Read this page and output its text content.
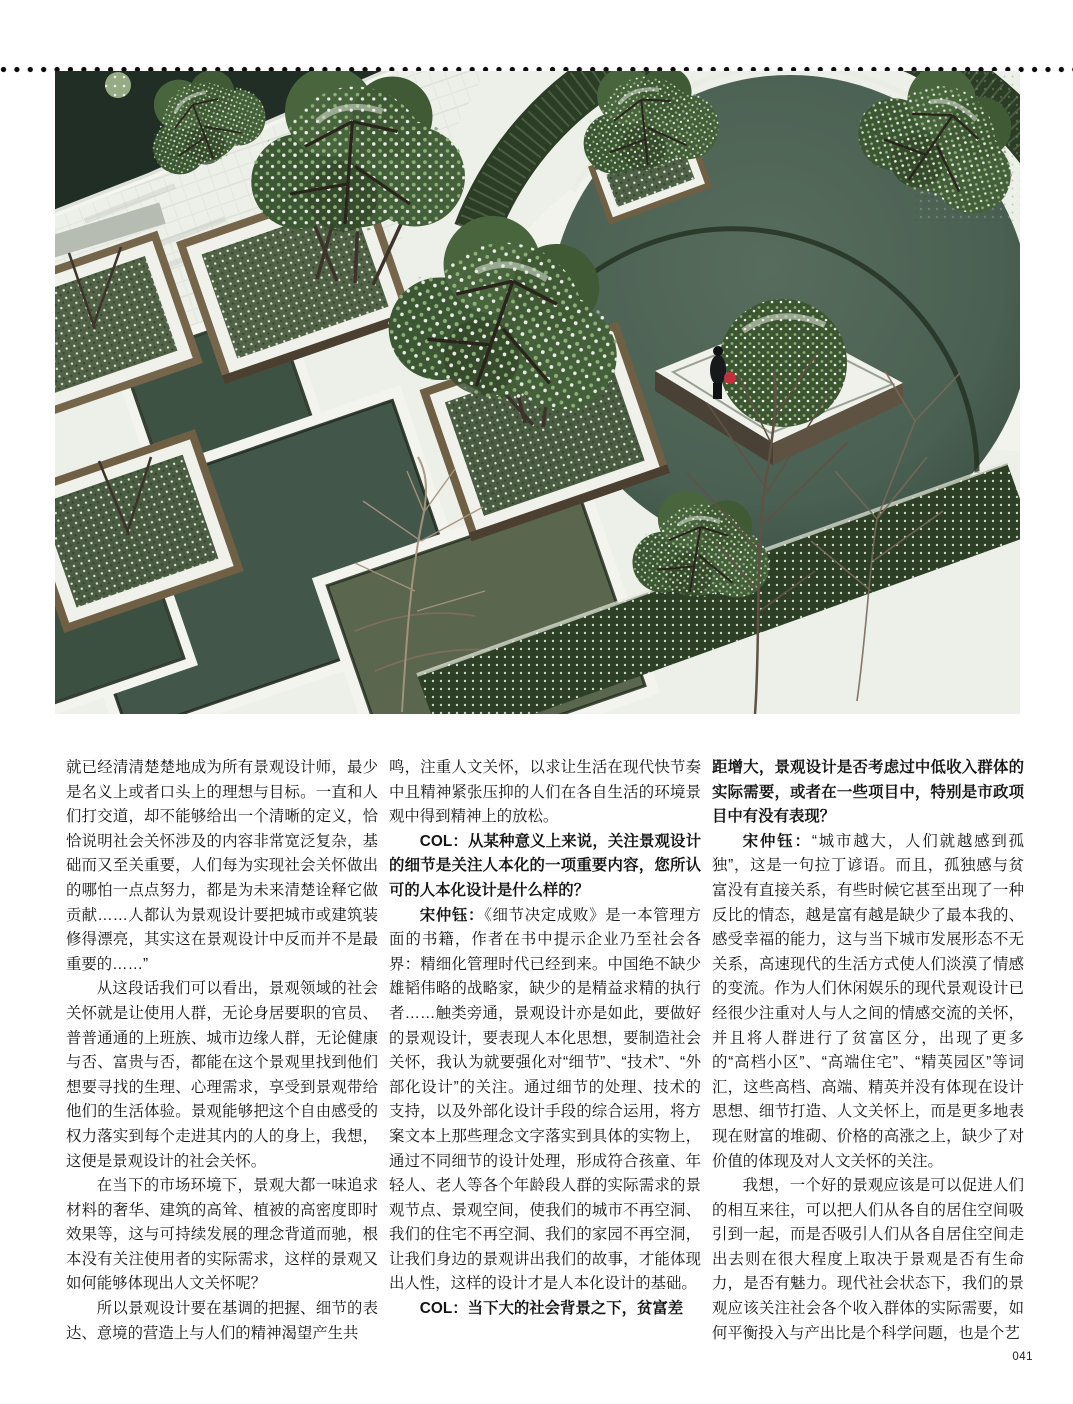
就已经清清楚楚地成为所有景观设计师，最少是名义上或者口头上的理想与目标。一直和人们打交道，却不能够给出一个清晰的定义，恰恰说明社会关怀涉及的内容非常宽泛复杂，基础而又至关重要，人们每为实现社会关怀做出的哪怕一点点努力，都是为未来清楚诠释它做贡献……人都认为景观设计要把城市或建筑装修得漂亮，其实这在景观设计中反而并不是最重要的……”

从这段话我们可以看出，景观领域的社会关怀就是让使用人群，无论身居要职的官员、普普通通的上班族、城市边缘人群，无论健康与否、富贵与否，都能在这个景观里找到他们想要寻找的生理、心理需求，享受到景观带给他们的生活体验。景观能够把这个自由感受的权力落实到每个走进其内的人的身上，我想，这便是景观设计的社会关怀。

在当下的市场环境下，景观大都一味追求材料的奢华、建筑的高耸、植被的高密度即时效果等，这与可持续发展的理念背道而驰，根本没有关注使用者的实际需求，这样的景观又如何能够体现出人文关怀呢？

所以景观设计要在基调的把握、细节的表达、意境的营造上与人们的精神渴望产生共

鸣，注重人文关怀，以求让生活在现代快节奏中且精神紧张压抑的人们在各自生活的环境景观中得到精神上的放松。

COL：从某种意义上来说，关注景观设计的细节是关注人本化的一项重要内容，您所认可的人本化设计是什么样的？

宋仲钰：《细节决定成败》是一本管理方面的书籍，作者在书中提示企业乃至社会各界：精细化管理时代已经到来。中国绝不缺少雄韬伟略的战略家，缺少的是精益求精的执行者……触类旁通，景观设计亦是如此，要做好的景观设计，要表现人本化思想，要制造社会关怀，我认为就要强化对“细节”、“技术”、“外部化设计”的关注。通过细节的处理、技术的支持，以及外部化设计手段的综合运用，将方案文本上那些理念文字落实到具体的实物上，通过不同细节的设计处理，形成符合孩童、年轻人、老人等各个年龄段人群的实际需求的景观节点、景观空间，使我们的城市不再空洞、我们的住宅不再空洞、我们的家园不再空洞，让我们身边的景观讲出我们的故事，才能体现出人性，这样的设计才是人本化设计的基础。

COL：当下大的社会背景之下，贫富差

距增大，景观设计是否考虑过中低收入群体的实际需要，或者在一些项目中，特别是市政项目中有没有表现？

宋仲钰：“城市越大，人们就越感到孤独”，这是一句拉丁谚语。而且，孤独感与贫富没有直接关系，有些时候它甚至出现了一种反比的情态，越是富有越是缺少了最本我的、感受幸福的能力，这与当下城市发展形态不无关系，高速现代的生活方式使人们淡漠了情感的变流。作为人们休闲娱乐的现代景观设计已经很少注重对人与人之间的情感交流的关怀，并且将人群进行了贫富区分，出现了更多的“高档小区”、“高端住宅”、“精英园区”等词汇，这些高档、高端、精英并没有体现在设计思想、细节打造、人文关怀上，而是更多地表现在财富的堆砌、价格的高涨之上，缺少了对价值的体现及对人文关怀的关注。

我想，一个好的景观应该是可以促进人们的相互来往，可以把人们从各自的居住空间吸引到一起，而是否吸引人们从各自居住空间走出去则在很大程度上取决于景观是否有生命力，是否有魅力。现代社会状态下，我们的景观应该关注社会各个收入群体的实际需要，如何平衡投入与产出比是个科学问题，也是个艺

041
